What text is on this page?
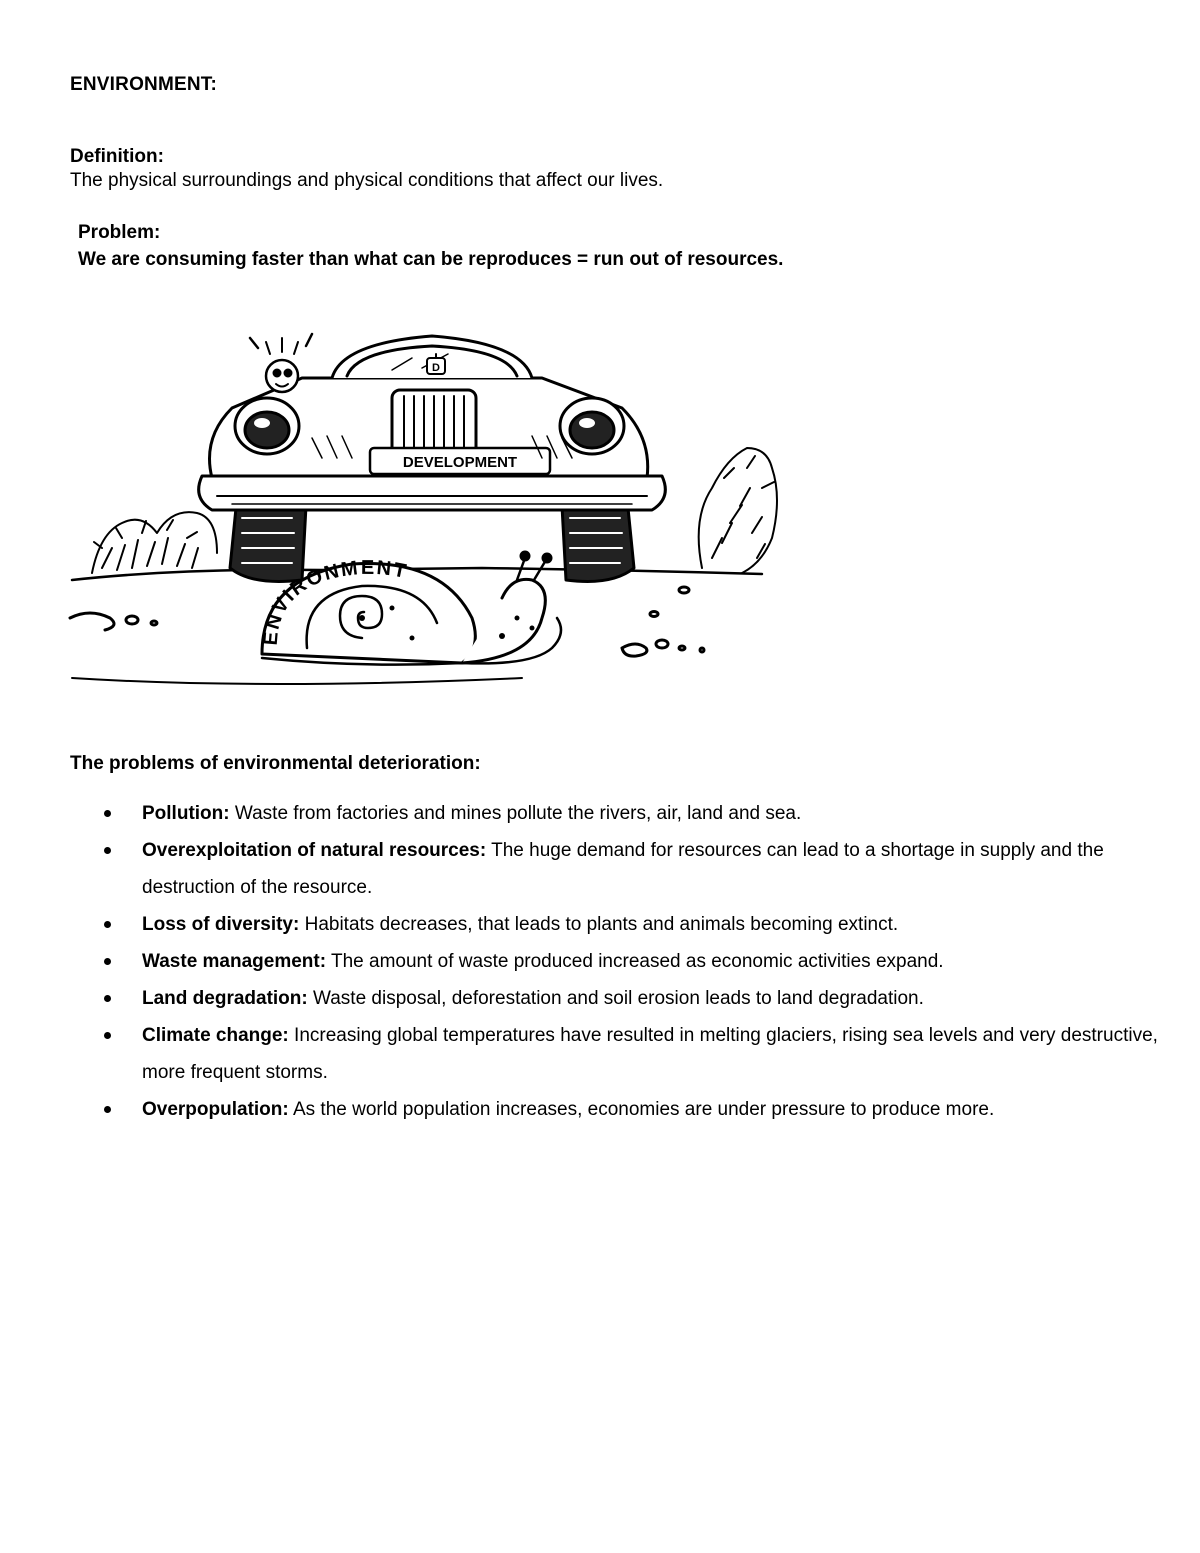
ENVIRONMENT:
Definition:
The physical surroundings and physical conditions that affect our lives.
Problem:
We are consuming faster than what can be reproduces = run out of resources.
DEVELOPMENT
D
ENVIRONMENT
The problems of environmental deterioration:
Pollution: Waste from factories and mines pollute the rivers, air, land and sea.
Overexploitation of natural resources: The huge demand for resources can lead to a shortage in supply and the destruction of the resource.
Loss of diversity: Habitats decreases, that leads to plants and animals becoming extinct.
Waste management: The amount of waste produced increased as economic activities expand.
Land degradation: Waste disposal, deforestation and soil erosion leads to land degradation.
Climate change: Increasing global temperatures have resulted in melting glaciers, rising sea levels and very destructive, more frequent storms.
Overpopulation: As the world population increases, economies are under pressure to produce more.
